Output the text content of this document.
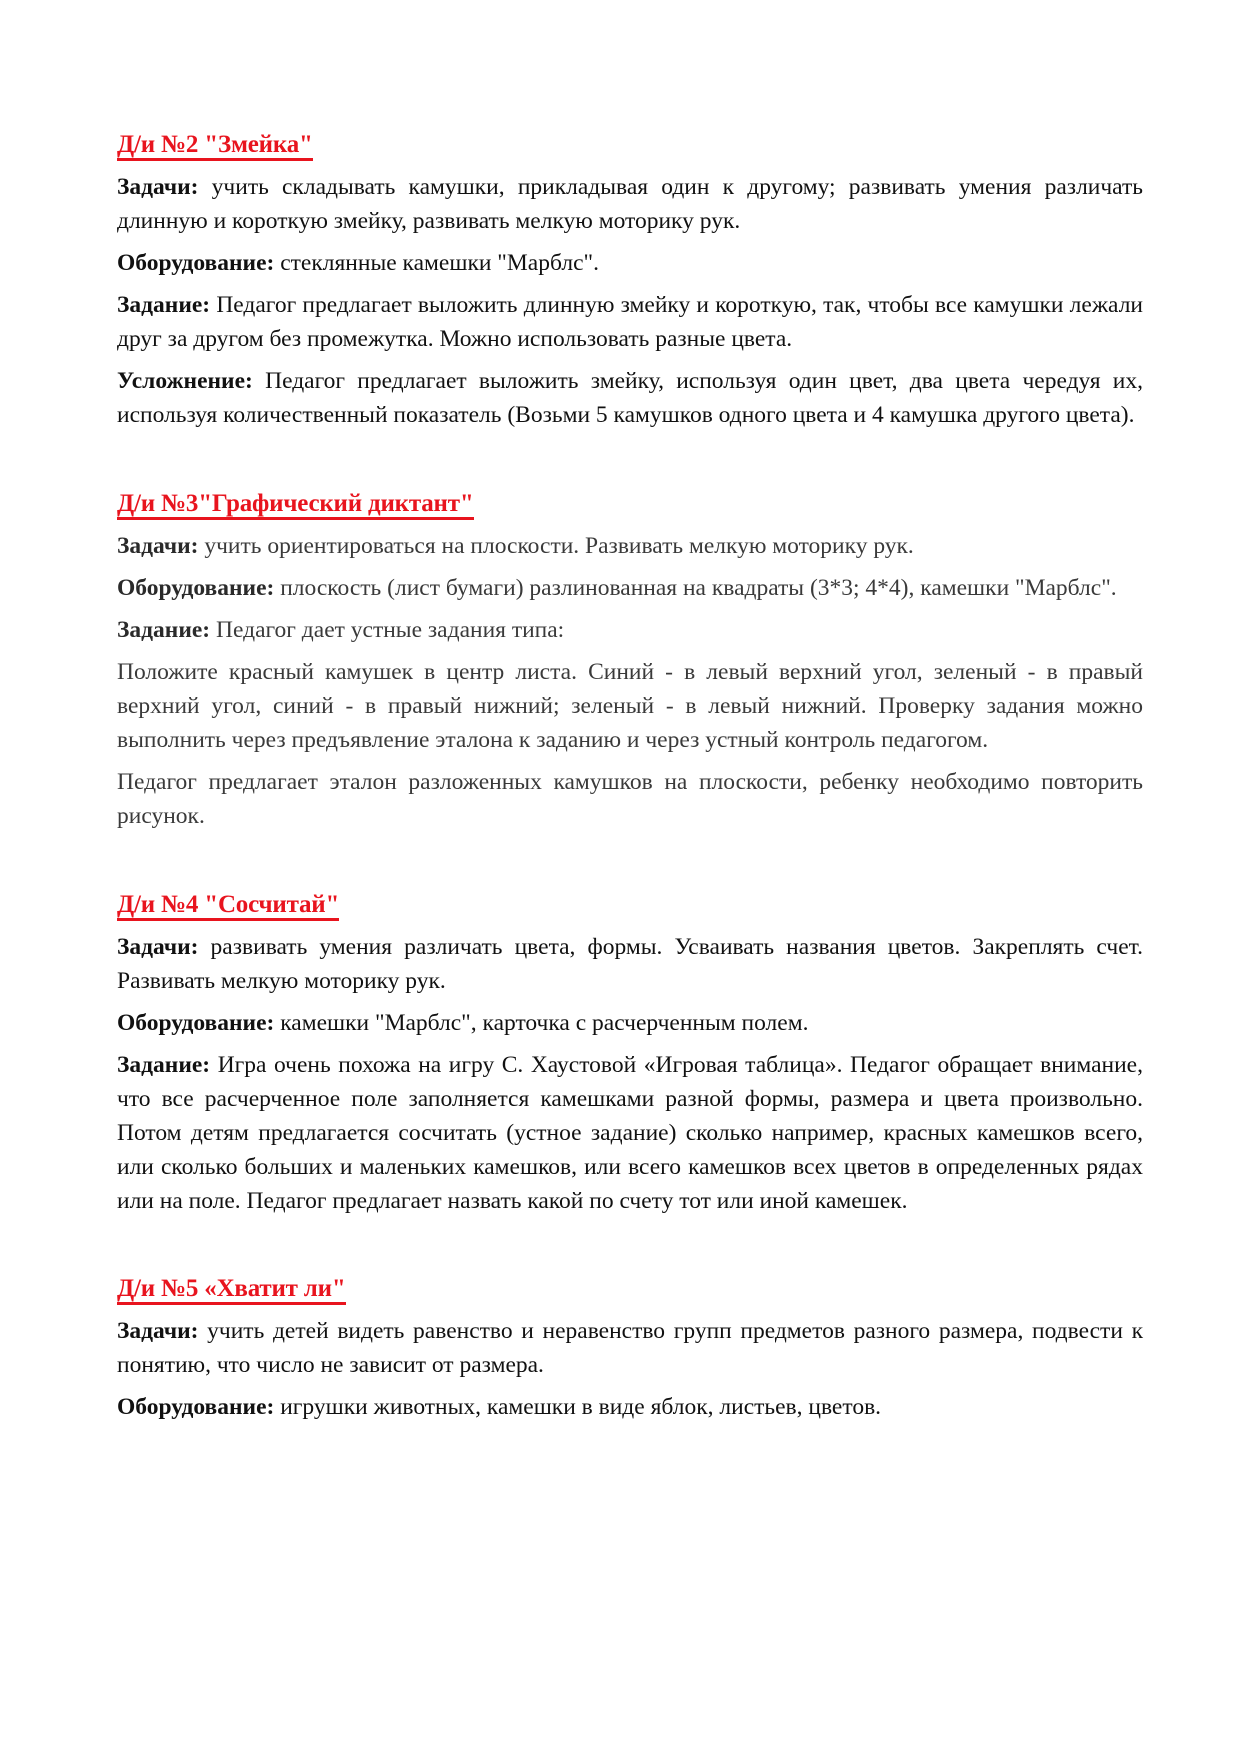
Д/и №2 "Змейка"

Задачи: учить складывать камушки, прикладывая один к другому; развивать умения различать длинную и короткую змейку, развивать мелкую моторику рук.

Оборудование: стеклянные камешки "Марблс".

Задание: Педагог предлагает выложить длинную змейку и короткую, так, чтобы все камушки лежали друг за другом без промежутка. Можно использовать разные цвета.

Усложнение: Педагог предлагает выложить змейку, используя один цвет, два цвета чередуя их, используя количественный показатель (Возьми 5 камушков одного цвета и 4 камушка другого цвета).

Д/и №3"Графический диктант"

Задачи: учить ориентироваться на плоскости. Развивать мелкую моторику рук.

Оборудование: плоскость (лист бумаги) разлинованная на квадраты (3*3; 4*4), камешки "Марблс".

Задание: Педагог дает устные задания типа:

Положите красный камушек в центр листа. Синий - в левый верхний угол, зеленый - в правый верхний угол, синий - в правый нижний; зеленый - в левый нижний. Проверку задания можно выполнить через предъявление эталона к заданию и через устный контроль педагогом.

Педагог предлагает эталон разложенных камушков на плоскости, ребенку необходимо повторить рисунок.

Д/и №4 "Сосчитай"

Задачи: развивать умения различать цвета, формы. Усваивать названия цветов. Закреплять счет. Развивать мелкую моторику рук.

Оборудование: камешки "Марблс", карточка с расчерченным полем.

Задание: Игра очень похожа на игру С. Хаустовой «Игровая таблица». Педагог обращает внимание, что все расчерченное поле заполняется камешками разной формы, размера и цвета произвольно. Потом детям предлагается сосчитать (устное задание) сколько например, красных камешков всего, или сколько больших и маленьких камешков, или всего камешков всех цветов в определенных рядах или на поле. Педагог предлагает назвать какой по счету тот или иной камешек.

Д/и №5 «Хватит ли"

Задачи: учить детей видеть равенство и неравенство групп предметов разного размера, подвести к понятию, что число не зависит от размера.

Оборудование: игрушки животных, камешки в виде яблок, листьев, цветов.
